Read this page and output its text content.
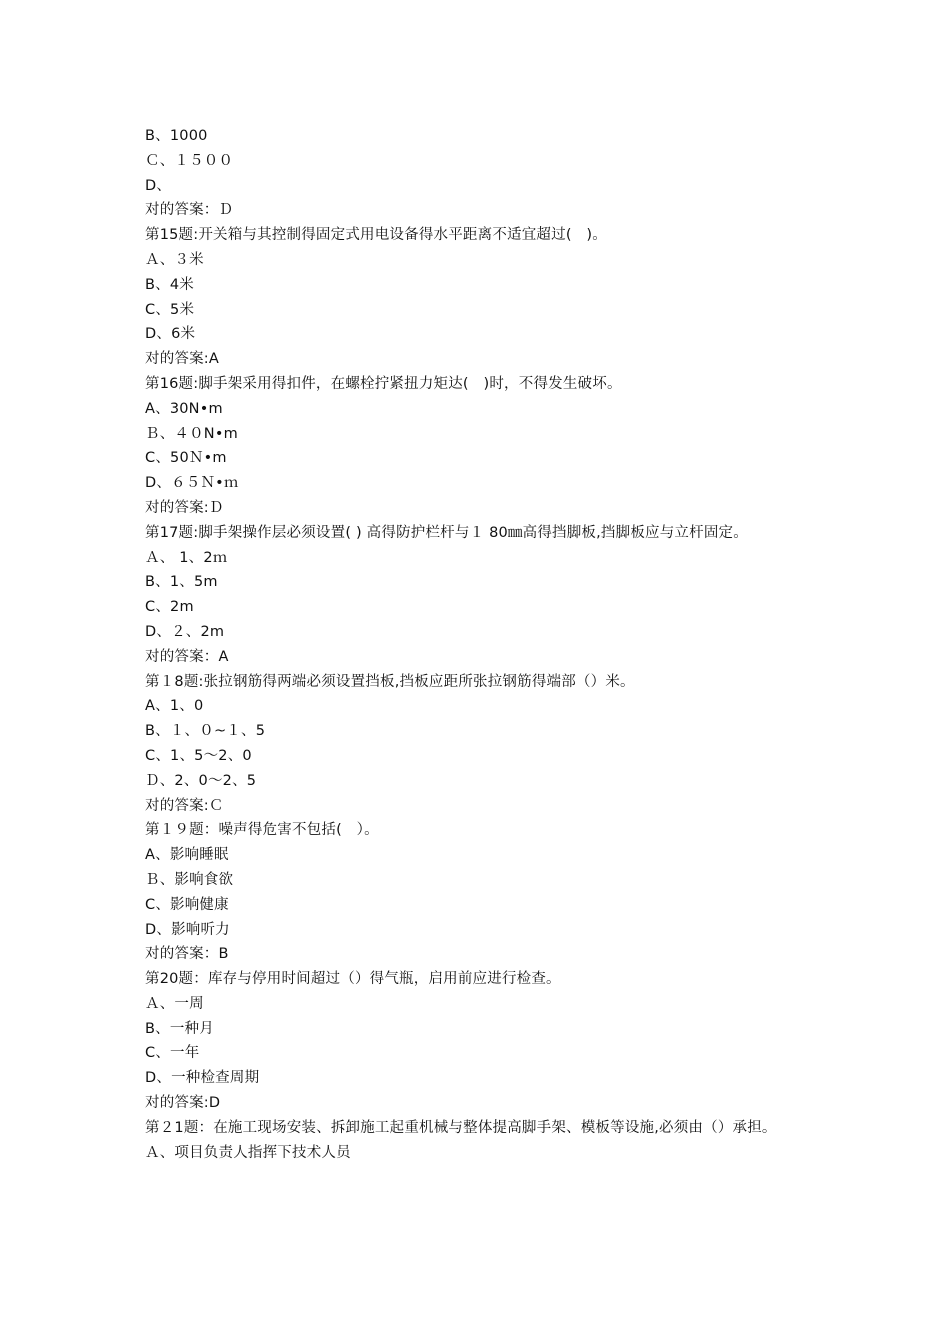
B、1000
Ｃ、１５００
D、
对的答案：Ｄ
第15题:开关箱与其控制得固定式用电设备得水平距离不适宜超过(　)。
Ａ、３米
B、4米
C、5米
D、6米
对的答案:A
第16题:脚手架采用得扣件，在螺栓拧紧扭力矩达(　)时，不得发生破坏。
A、30N•m
Ｂ、４０N•m
C、50Ｎ•m
D、６５Ｎ•ｍ
对的答案:Ｄ
第17题:脚手架操作层必须设置( ) 高得防护栏杆与１ 80㎜高得挡脚板,挡脚板应与立杆固定。
Ａ、 1、2ｍ
B、1、5m
C、2m
D、２、2m
对的答案：A
第１8题:张拉钢筋得两端必须设置挡板,挡板应距所张拉钢筋得端部（）米。
A、1、0
B、１、０~１、5
C、1、5～2、0
Ｄ、2、0～2、5
对的答案:Ｃ
第１９题：噪声得危害不包括(　）。
A、影响睡眠
Ｂ、影响食欲
C、影响健康
D、影响听力
对的答案：B
第20题：库存与停用时间超过（）得气瓶，启用前应进行检查。
Ａ、一周
B、一种月
C、一年
D、一种检查周期
对的答案:D
第２1题：在施工现场安装、拆卸施工起重机械与整体提高脚手架、模板等设施,必须由（）承担。
Ａ、项目负责人指挥下技术人员
